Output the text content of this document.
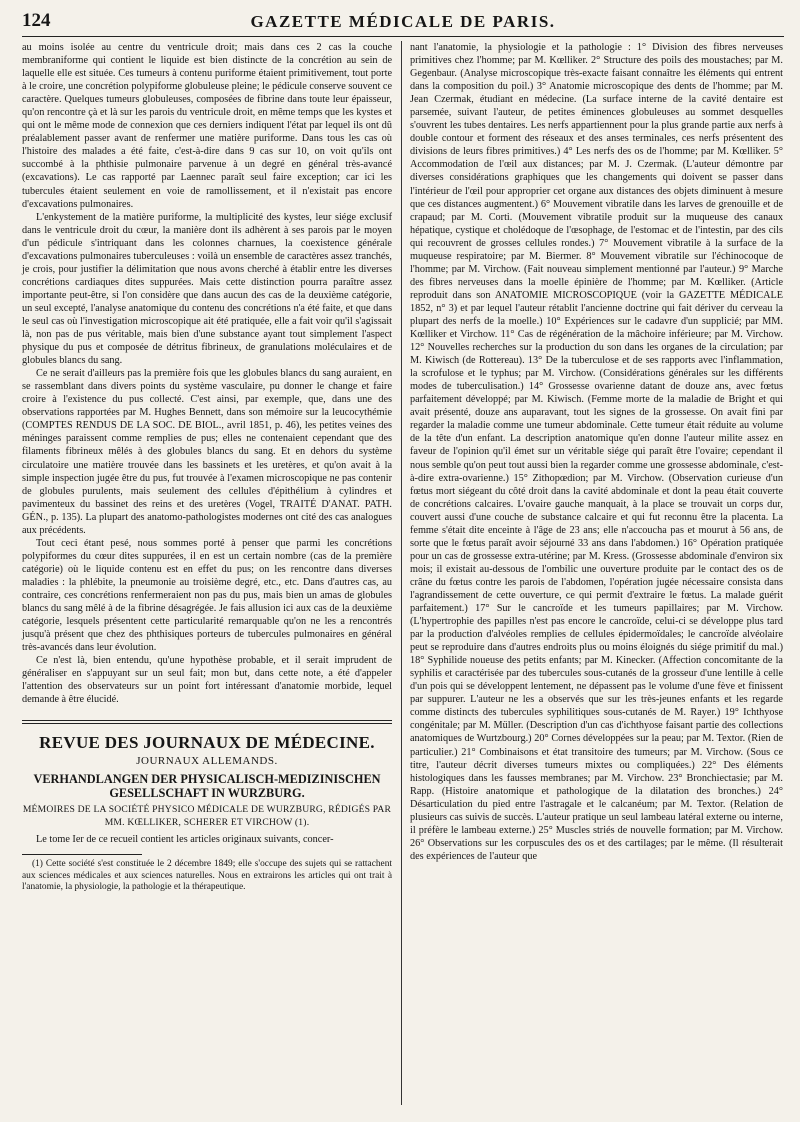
124	GAZETTE MÉDICALE DE PARIS.

au moins isolée au centre du ventricule droit; mais dans ces 2 cas la couche membraniforme qui contient le liquide est bien distincte de la concrétion au sein de laquelle elle est située. Ces tumeurs à contenu puriforme étaient primitivement, tout porte à le croire, une concrétion polypiforme globuleuse pleine; le pédicule conserve souvent ce caractère. Quelques tumeurs globuleuses, composées de fibrine dans toute leur épaisseur, qu'on rencontre çà et là sur les parois du ventricule droit, en même temps que les kystes et qui ont le même mode de connexion que ces derniers indiquent l'état par lequel ils ont dû préalablement passer avant de renfermer une matière puriforme. Dans tous les cas où l'histoire des malades a été faite, c'est-à-dire dans 9 cas sur 10, on voit qu'ils ont succombé à la phthisie pulmonaire parvenue à un degré en général très-avancé (excavations). Le cas rapporté par Laennec paraît seul faire exception; car ici les tubercules étaient seulement en voie de ramollissement, et il n'existait pas encore d'excavations pulmonaires.

L'enkystement de la matière puriforme, la multiplicité des kystes, leur siége exclusif dans le ventricule droit du cœur, la manière dont ils adhèrent à ses parois par le moyen d'un pédicule s'intriquant dans les colonnes charnues, la coexistence générale d'excavations pulmonaires tuberculeuses : voilà un ensemble de caractères assez tranchés, je crois, pour justifier la délimitation que nous avons cherché à établir entre les diverses concrétions cardiaques dites suppurées. Mais cette distinction pourra paraître assez importante peut-être, si l'on considère que dans aucun des cas de la deuxième catégorie, un seul excepté, l'analyse anatomique du contenu des concrétions n'a été faite, et que dans le seul cas où l'investigation microscopique ait été pratiquée, elle a fait voir qu'il s'agissait là, non pas de pus véritable, mais bien d'une substance ayant tout simplement l'aspect physique du pus et composée de détritus fibrineux, de granulations moléculaires et de globules blancs du sang.

Ce ne serait d'ailleurs pas la première fois que les globules blancs du sang auraient, en se rassemblant dans divers points du système vasculaire, pu donner le change et faire croire à l'existence du pus collecté. C'est ainsi, par exemple, que, dans une des observations rapportées par M. Hughes Bennett, dans son mémoire sur la leucocythémie (COMPTES RENDUS DE LA SOC. DE BIOL., avril 1851, p. 46), les petites veines des méninges paraissent comme remplies de pus; elles ne contenaient cependant que des filaments fibrineux mêlés à des globules blancs du sang. Et en dehors du système circulatoire une matière trouvée dans les bassinets et les uretères, et qu'on avait à la simple inspection jugée être du pus, fut trouvée à l'examen microscopique ne pas contenir de globules purulents, mais seulement des cellules d'épithélium à cylindres et pavimenteux du bassinet des reins et des uretères (Vogel, TRAITÉ D'ANAT. PATH. GÉN., p. 135). La plupart des anatomo-pathologistes modernes ont cité des cas analogues aux précédents.

Tout ceci étant pesé, nous sommes porté à penser que parmi les concrétions polypiformes du cœur dites suppurées, il en est un certain nombre (cas de la première catégorie) où le liquide contenu est en effet du pus; on les rencontre dans diverses maladies : la phlébite, la pneumonie au troisième degré, etc., etc. Dans d'autres cas, au contraire, ces concrétions renfermeraient non pas du pus, mais bien un amas de globules blancs du sang mêlé à de la fibrine désagrégée. Je fais allusion ici aux cas de la deuxième catégorie, lesquels présentent cette particularité remarquable qu'on ne les a rencontrés jusqu'à présent que chez des phthisiques porteurs de tubercules pulmonaires en général très-avancés dans leur évolution.

Ce n'est là, bien entendu, qu'une hypothèse probable, et il serait imprudent de généraliser en s'appuyant sur un seul fait; mon but, dans cette note, a été d'appeler l'attention des observateurs sur un point fort intéressant d'anatomie morbide, lequel demande à être élucidé.

REVUE DES JOURNAUX DE MÉDECINE.
JOURNAUX ALLEMANDS.
VERHANDLANGEN DER PHYSICALISCH-MEDIZINISCHEN GESELLSCHAFT IN WURZBURG.
MÉMOIRES DE LA SOCIÉTÉ PHYSICO MÉDICALE DE WURZBURG, RÉDIGÉS PAR MM. KŒLLIKER, SCHERER ET VIRCHOW (1).

Le tome Ier de ce recueil contient les articles originaux suivants, concer-

(1) Cette société s'est constituée le 2 décembre 1849; elle s'occupe des sujets qui se rattachent aux sciences médicales et aux sciences naturelles. Nous en extrairons les articles qui ont trait à l'anatomie, la physiologie, la pathologie et la thérapeutique.

nant l'anatomie, la physiologie et la pathologie : 1° Division des fibres nerveuses primitives chez l'homme; par M. Kœlliker. 2° Structure des poils des moustaches; par M. Gegenbaur. (Analyse microscopique très-exacte faisant connaître les éléments qui entrent dans la composition du poil.) 3° Anatomie microscopique des dents de l'homme; par M. Jean Czermak, étudiant en médecine. (La surface interne de la cavité dentaire est parsemée, suivant l'auteur, de petites éminences globuleuses au sommet desquelles s'ouvrent les tubes dentaires. Les nerfs appartiennent pour la plus grande partie aux nerfs à double contour et forment des réseaux et des anses terminales, ces nerfs présentent des divisions de leurs fibres primitives.) 4° Les nerfs des os de l'homme; par M. Kœlliker. 5° Accommodation de l'œil aux distances; par M. J. Czermak. (L'auteur démontre par diverses considérations graphiques que les changements qui doivent se passer dans l'intérieur de l'œil pour approprier cet organe aux distances des objets diminuent à mesure que ces distances augmentent.) 6° Mouvement vibratile dans les larves de grenouille et de crapaud; par M. Corti. (Mouvement vibratile produit sur la muqueuse des canaux hépatique, cystique et cholédoque de l'œsophage, de l'estomac et de l'intestin, par des cils qui recouvrent de grosses cellules rondes.) 7° Mouvement vibratile à la surface de la muqueuse respiratoire; par M. Biermer. 8° Mouvement vibratile sur l'échinocoque de l'homme; par M. Virchow. (Fait nouveau simplement mentionné par l'auteur.) 9° Marche des fibres nerveuses dans la moelle épinière de l'homme; par M. Kœlliker. (Article reproduit dans son ANATOMIE MICROSCOPIQUE (voir la GAZETTE MÉDICALE 1852, n° 3) et par lequel l'auteur rétablit l'ancienne doctrine qui fait dériver du cerveau la plupart des nerfs de la moelle.) 10° Expériences sur le cadavre d'un supplicié; par MM. Kœlliker et Virchow. 11° Cas de régénération de la mâchoire inférieure; par M. Virchow. 12° Nouvelles recherches sur la production du son dans les organes de la circulation; par M. Kiwisch (de Rottereau). 13° De la tuberculose et de ses rapports avec l'inflammation, la scrofulose et le typhus; par M. Virchow. (Considérations générales sur les différents modes de tuberculisation.) 14° Grossesse ovarienne datant de douze ans, avec fœtus parfaitement développé; par M. Kiwisch. (Femme morte de la maladie de Bright et qui avait présenté, douze ans auparavant, tout les signes de la grossesse. On avait fini par regarder la maladie comme une tumeur abdominale. Cette tumeur était réduite au volume de la tête d'un enfant. La description anatomique qu'en donne l'auteur milite assez en faveur de l'opinion qu'il émet sur un véritable siége qui paraît être l'ovaire; cependant il nous semble qu'on peut tout aussi bien la regarder comme une grossesse abdominale, c'est-à-dire extra-ovarienne.) 15° Zithopœdion; par M. Virchow. (Observation curieuse d'un fœtus mort siégeant du côté droit dans la cavité abdominale et dont la peau était couverte de concrétions calcaires. L'ovaire gauche manquait, à la place se trouvait un corps dur, couvert aussi d'une couche de substance calcaire et qui fut reconnu être la placenta. La femme s'était dite enceinte à l'âge de 23 ans; elle n'accoucha pas et mourut à 56 ans, de sorte que le fœtus paraît avoir séjourné 33 ans dans l'abdomen.) 16° Opération pratiquée pour un cas de grossesse extra-utérine; par M. Kress. (Grossesse abdominale d'environ six mois; il existait au-dessous de l'ombilic une ouverture produite par le contact des os de crâne du fœtus contre les parois de l'abdomen, l'opération jugée nécessaire consista dans l'agrandissement de cette ouverture, ce qui permit d'extraire le fœtus. La malade guérit parfaitement.) 17° Sur le cancroïde et les tumeurs papillaires; par M. Virchow. (L'hypertrophie des papilles n'est pas encore le cancroïde, celui-ci se développe plus tard par la production d'alvéoles remplies de cellules épidermoïdales; le cancroïde alvéolaire peut se reproduire dans d'autres endroits plus ou moins éloignés du siége primitif du mal.) 18° Syphilide noueuse des petits enfants; par M. Kinecker. (Affection concomitante de la syphilis et caractérisée par des tubercules sous-cutanés de la grosseur d'une lentille à celle d'un pois qui se développent lentement, ne dépassent pas le volume d'une fève et finissent par suppurer. L'auteur ne les a observés que sur les très-jeunes enfants et les regarde comme distincts des tubercules syphilitiques sous-cutanés de M. Rayer.) 19° Ichthyose congénitale; par M. Müller. (Description d'un cas d'ichthyose faisant partie des collections anatomiques de Wurtzbourg.) 20° Cornes développées sur la peau; par M. Textor. (Rien de particulier.) 21° Combinaisons et état transitoire des tumeurs; par M. Virchow. (Sous ce titre, l'auteur décrit diverses tumeurs mixtes ou compliquées.) 22° Des éléments histologiques dans les fausses membranes; par M. Virchow. 23° Bronchiectasie; par M. Rapp. (Histoire anatomique et pathologique de la dilatation des bronches.) 24° Désarticulation du pied entre l'astragale et le calcanéum; par M. Textor. (Relation de plusieurs cas suivis de succès. L'auteur pratique un seul lambeau latéral externe ou interne, il préfère le lambeau externe.) 25° Muscles striés de nouvelle formation; par M. Virchow. 26° Observations sur les corpuscules des os et des cartilages; par le même. (Il résulterait des expériences de l'auteur que
